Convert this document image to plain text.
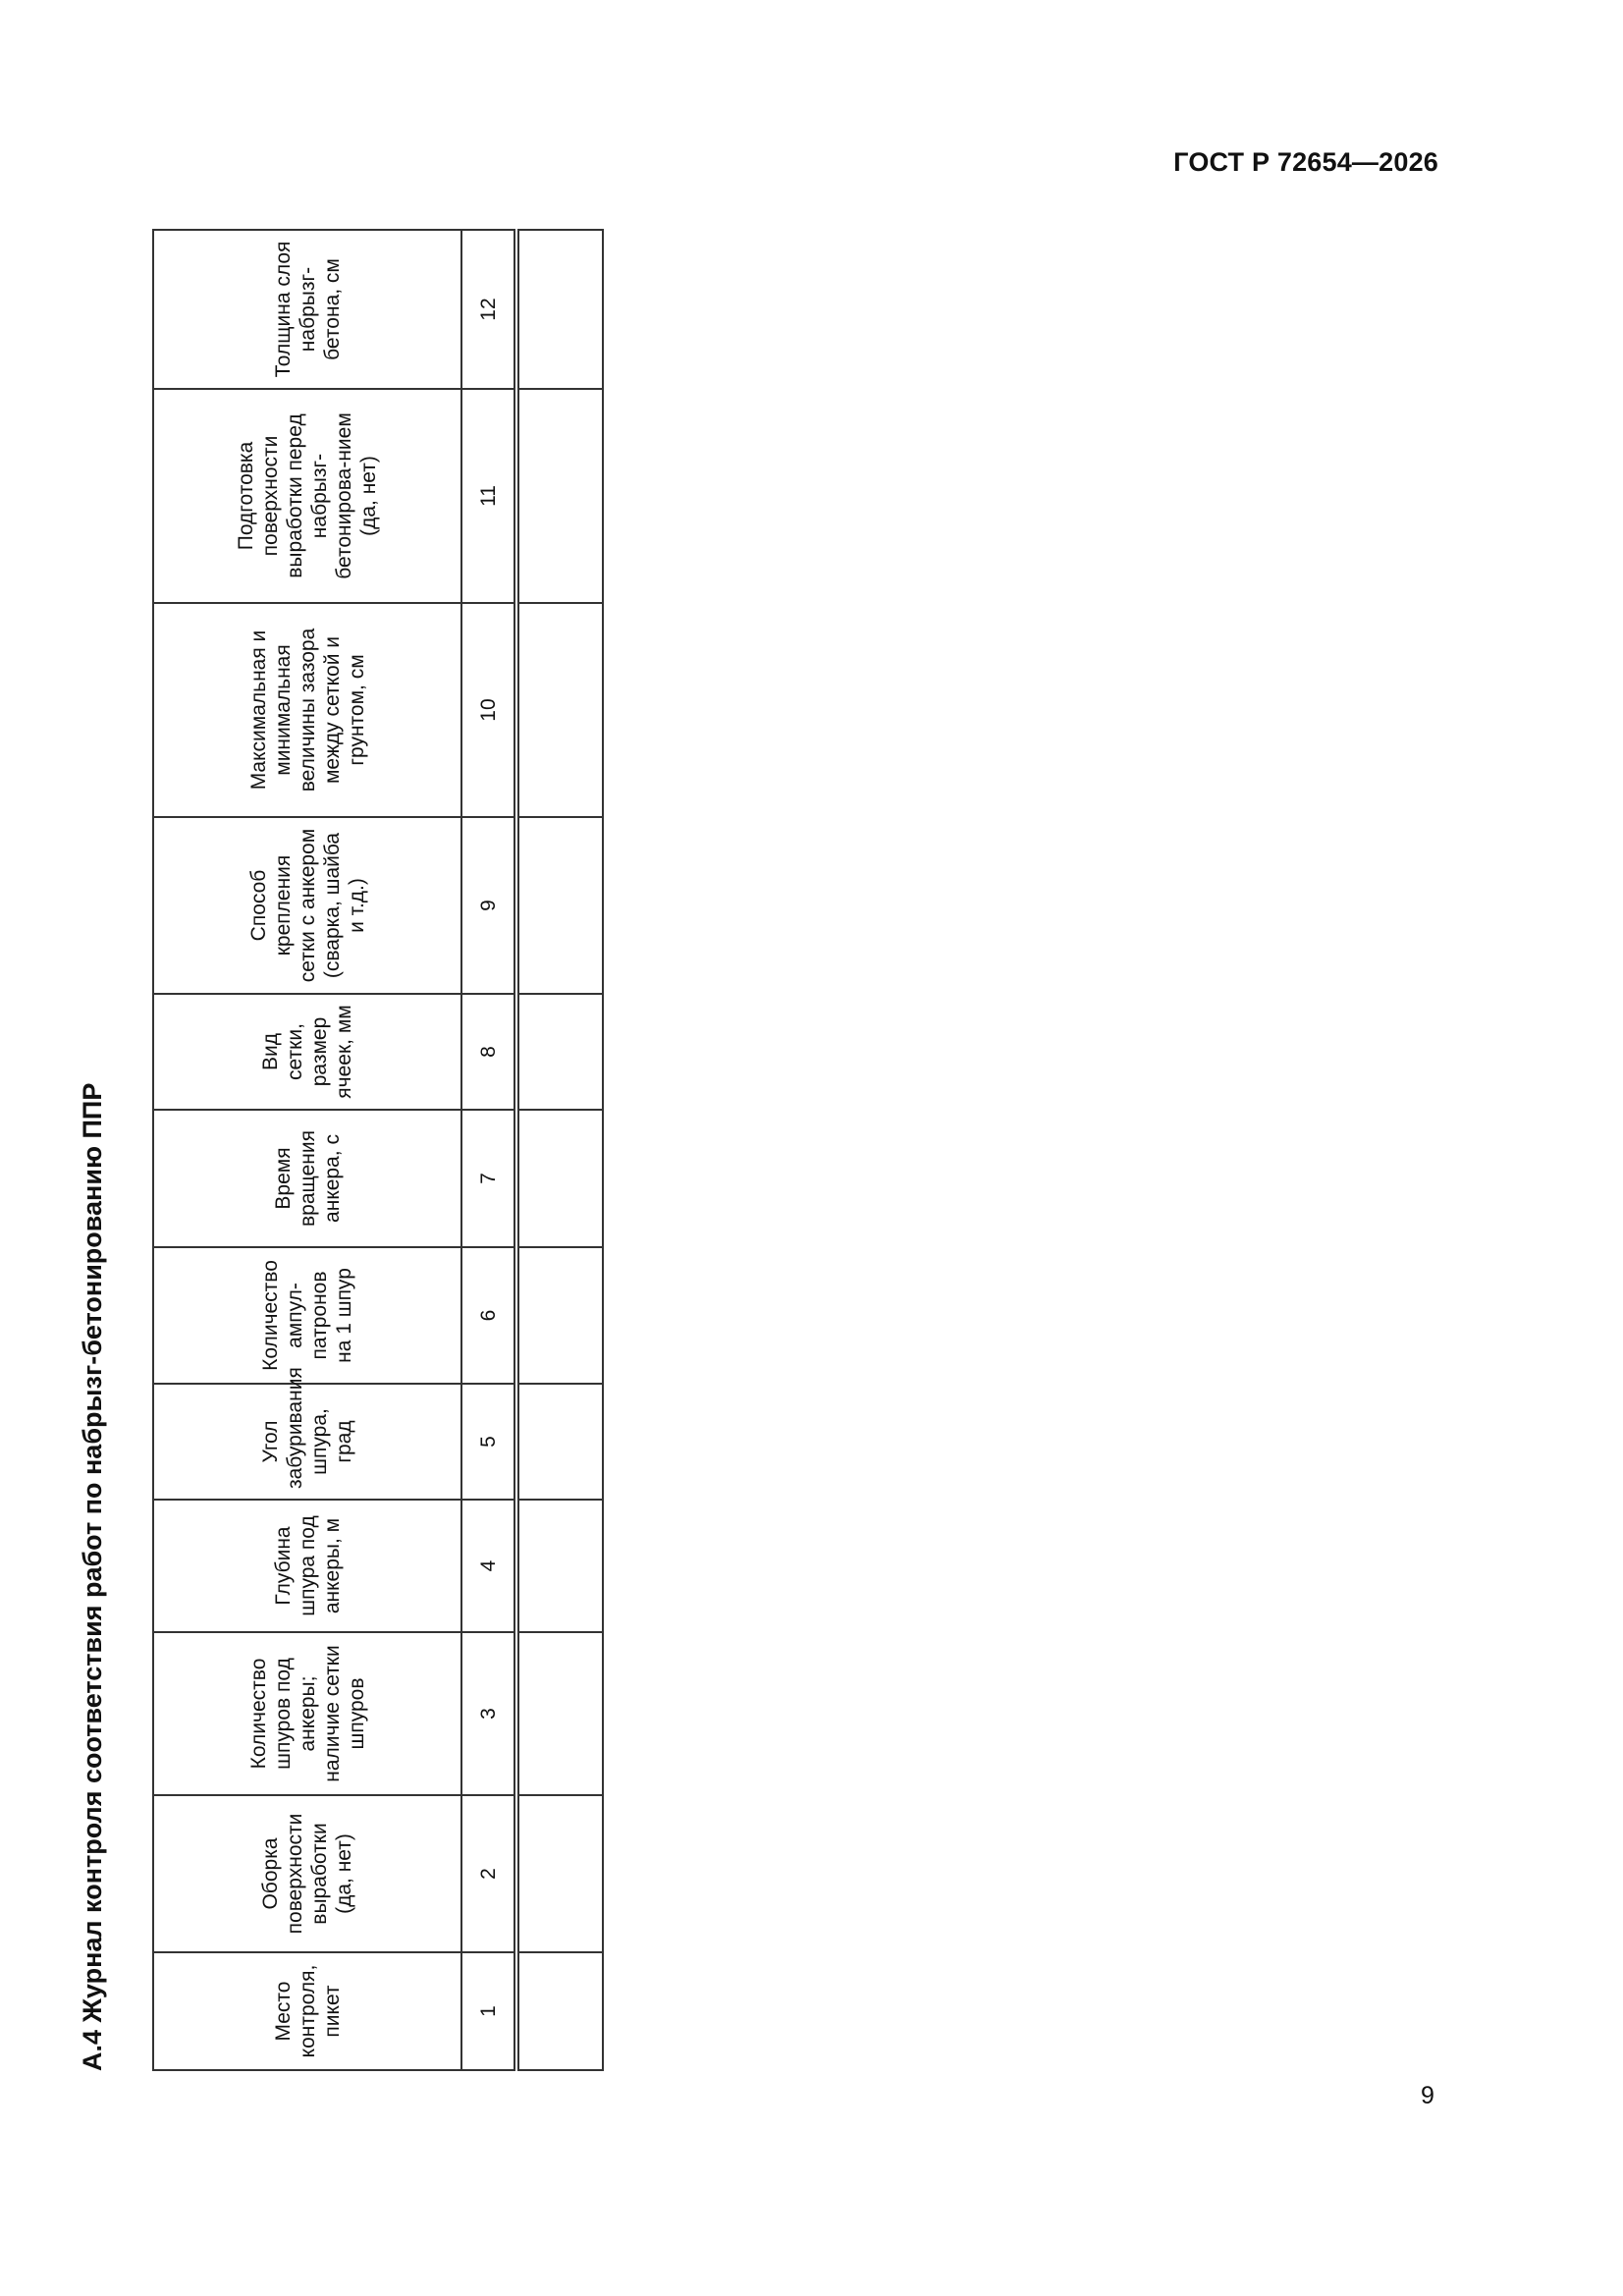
ГОСТ Р 72654—2026
А.4 Журнал контроля соответствия работ по набрызг-бетонированию ППР	Место контроля, пикет	Оборка поверхности выработки (да, нет)	Количество шпуров под анкеры; наличие сетки шпуров	Глубина шпура под анкеры, м	Угол забуривания шпура, град	Количество ампул-патронов на 1 шпур	Время вращения анкера, с	Вид сетки, размер ячеек, мм	Способ крепления сетки с анкером (сварка, шайба и т.д.)	Максимальная и минимальная величины зазора между сеткой и грунтом, см	Подготовка поверхности выработки перед набрызг-бетонирова-нием (да, нет)	Толщина слоя набрызг-бетона, см
1	2	3	4	5	6	7	8	9	10	11	12

9
